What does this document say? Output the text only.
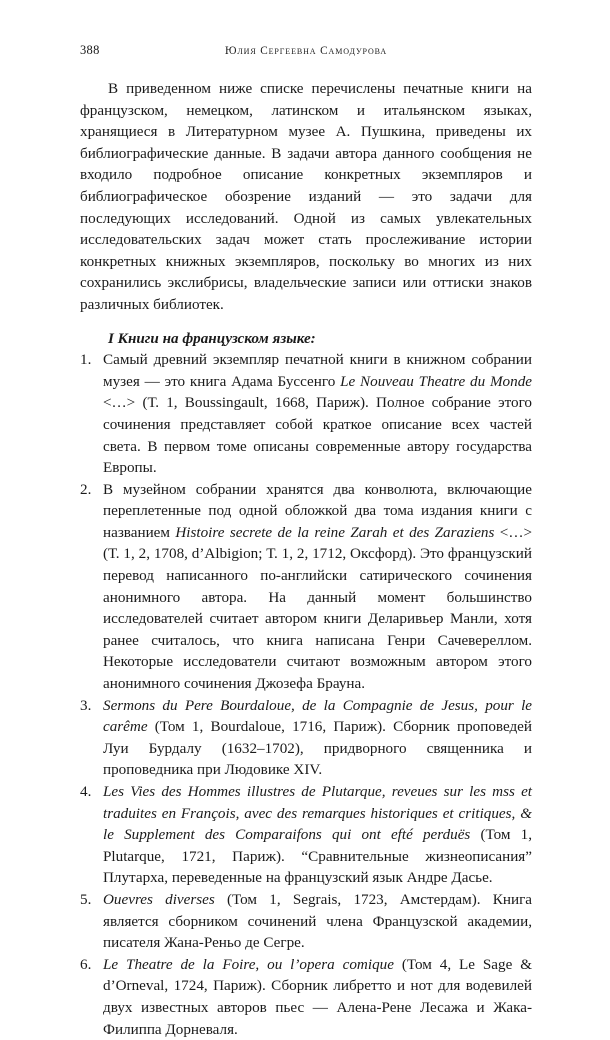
388	Юлия Сергеевна Самодурова

В приведенном ниже списке перечислены печатные книги на французском, немецком, латинском и итальянском языках, хранящиеся в Литературном музее А. Пушкина, приведены их библиографические данные. В задачи автора данного сообщения не входило подробное описание конкретных экземпляров и библиографическое обозрение изданий — это задачи для последующих исследований. Одной из самых увлекательных исследовательских задач может стать прослеживание истории конкретных книжных экземпляров, поскольку во многих из них сохранились экслибрисы, владельческие записи или оттиски знаков различных библиотек.

I Книги на французском языке:

1. Самый древний экземпляр печатной книги в книжном собрании музея — это книга Адама Буссенго Le Nouveau Theatre du Monde <…> (Т. 1, Boussingault, 1668, Париж). Полное собрание этого сочинения представляет собой краткое описание всех частей света. В первом томе описаны современные автору государства Европы.
2. В музейном собрании хранятся два конволюта, включающие переплетенные под одной обложкой два тома издания книги с названием Histoire secrete de la reine Zarah et des Zaraziens <…> (Т. 1, 2, 1708, d’Albigion; Т. 1, 2, 1712, Оксфорд). Это французский перевод написанного по-английски сатирического сочинения анонимного автора. На данный момент большинство исследователей считает автором книги Деларивьер Манли, хотя ранее считалось, что книга написана Генри Сачевереллом. Некоторые исследователи считают возможным автором этого анонимного сочинения Джозефа Брауна.
3. Sermons du Pere Bourdaloue, de la Compagnie de Jesus, pour le carême (Том 1, Bourdaloue, 1716, Париж). Сборник проповедей Луи Бурдалу (1632–1702), придворного священника и проповедника при Людовике XIV.
4. Les Vies des Hommes illustres de Plutarque, reveues sur les mss et traduites en François, avec des remarques historiques et critiques, & le Supplement des Comparaifons qui ont efté perduës (Том 1, Plutarque, 1721, Париж). “Сравнительные жизнеописания” Плутарха, переведенные на французский язык Андре Дасье.
5. Ouevres diverses (Том 1, Segrais, 1723, Амстердам). Книга является сборником сочинений члена Французской академии, писателя Жана-Реньо де Сегре.
6. Le Theatre de la Foire, ou l’opera comique (Том 4, Le Sage & d’Orneval, 1724, Париж). Сборник либретто и нот для водевилей двух известных авторов пьес — Алена-Рене Лесажа и Жака-Филиппа Дорневаля.
